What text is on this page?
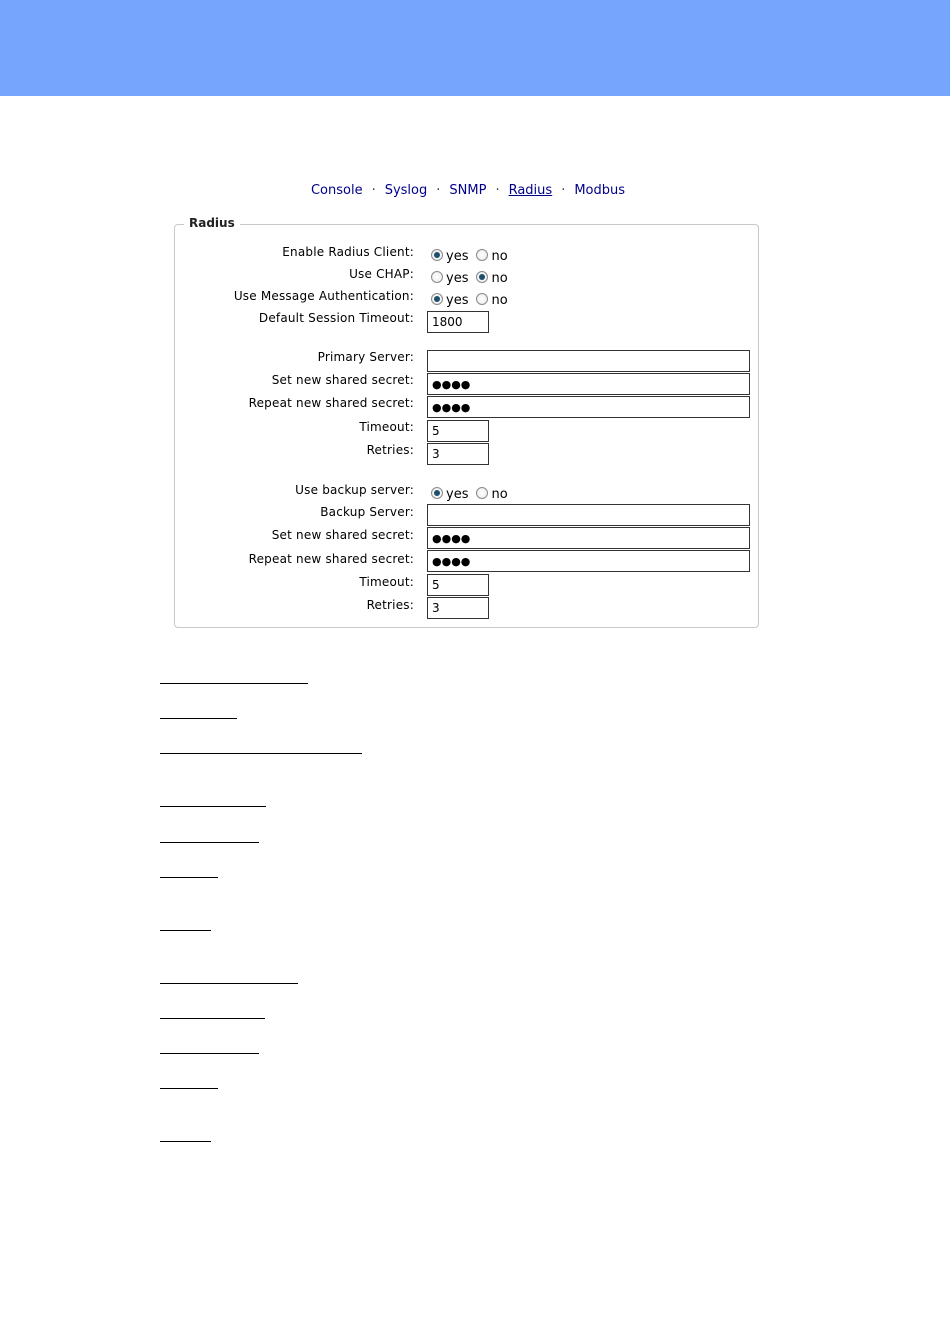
Console · Syslog · SNMP · Radius · Modbus
Radius
Enable Radius Client:	yes no
Use CHAP:	yes no
Use Message Authentication:	yes no
Default Session Timeout:	1800
Primary Server:
Set new shared secret:	●●●●
Repeat new shared secret:	●●●●
Timeout:	5
Retries:	3
Use backup server:	yes no
Backup Server:
Set new shared secret:	●●●●
Repeat new shared secret:	●●●●
Timeout:	5
Retries:	3
